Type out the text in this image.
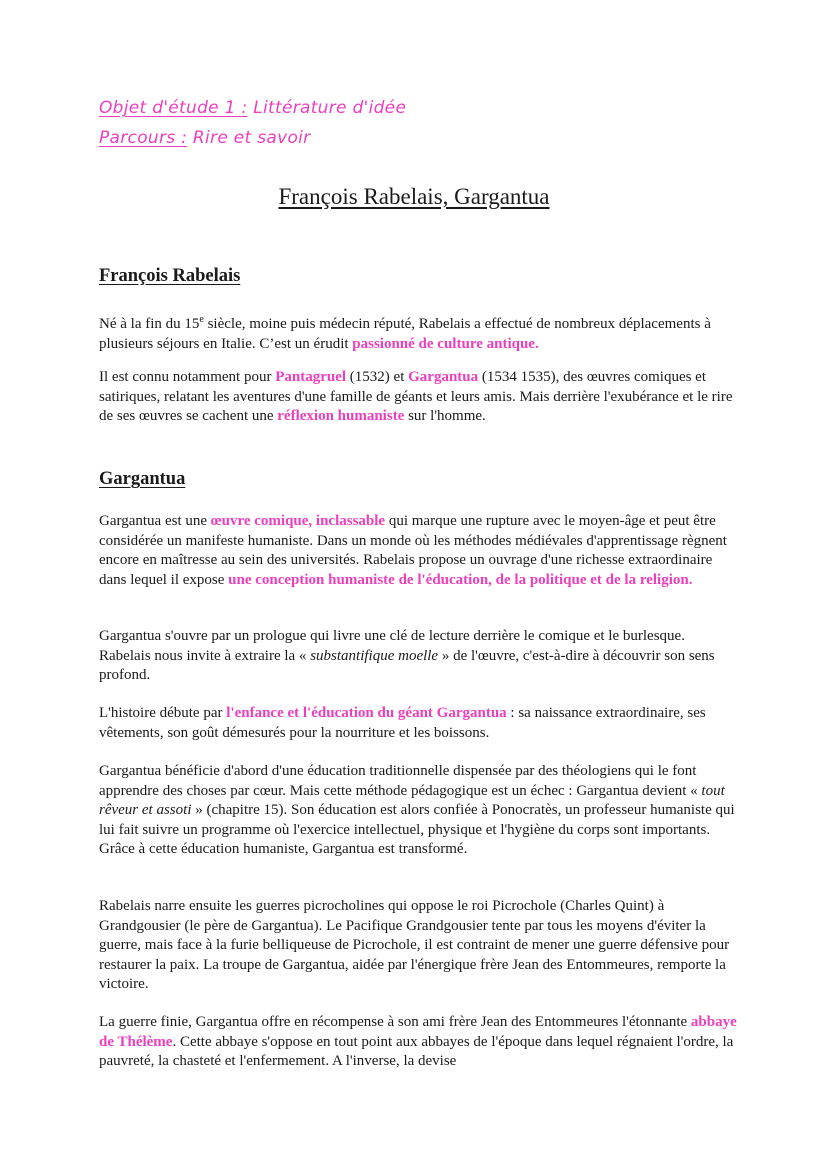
Objet d'étude 1 : Littérature d'idée
Parcours : Rire et savoir
François Rabelais, Gargantua
François Rabelais

Né à la fin du 15e siècle, moine puis médecin réputé, Rabelais a effectué de nombreux déplacements à plusieurs séjours en Italie. C’est un érudit passionné de culture antique.

Il est connu notamment pour Pantagruel (1532) et Gargantua (1534 1535), des œuvres comiques et satiriques, relatant les aventures d'une famille de géants et leurs amis. Mais derrière l'exubérance et le rire de ses œuvres se cachent une réflexion humaniste sur l'homme.

Gargantua

Gargantua est une œuvre comique, inclassable qui marque une rupture avec le moyen-âge et peut être considérée un manifeste humaniste. Dans un monde où les méthodes médiévales d'apprentissage règnent encore en maîtresse au sein des universités. Rabelais propose un ouvrage d'une richesse extraordinaire dans lequel il expose une conception humaniste de l'éducation, de la politique et de la religion.

Gargantua s'ouvre par un prologue qui livre une clé de lecture derrière le comique et le burlesque. Rabelais nous invite à extraire la « substantifique moelle » de l'œuvre, c'est-à-dire à découvrir son sens profond.

L'histoire débute par l'enfance et l'éducation du géant Gargantua : sa naissance extraordinaire, ses vêtements, son goût démesurés pour la nourriture et les boissons.

Gargantua bénéficie d'abord d'une éducation traditionnelle dispensée par des théologiens qui le font apprendre des choses par cœur. Mais cette méthode pédagogique est un échec : Gargantua devient « tout rêveur et assoti » (chapitre 15). Son éducation est alors confiée à Ponocratès, un professeur humaniste qui lui fait suivre un programme où l'exercice intellectuel, physique et l'hygiène du corps sont importants. Grâce à cette éducation humaniste, Gargantua est transformé.

Rabelais narre ensuite les guerres picrocholines qui oppose le roi Picrochole (Charles Quint) à Grandgousier (le père de Gargantua). Le Pacifique Grandgousier tente par tous les moyens d'éviter la guerre, mais face à la furie belliqueuse de Picrochole, il est contraint de mener une guerre défensive pour restaurer la paix. La troupe de Gargantua, aidée par l'énergique frère Jean des Entommeures, remporte la victoire.

La guerre finie, Gargantua offre en récompense à son ami frère Jean des Entommeures l'étonnante abbaye de Thélème. Cette abbaye s'oppose en tout point aux abbayes de l'époque dans lequel régnaient l'ordre, la pauvreté, la chasteté et l'enfermement. A l'inverse, la devise
